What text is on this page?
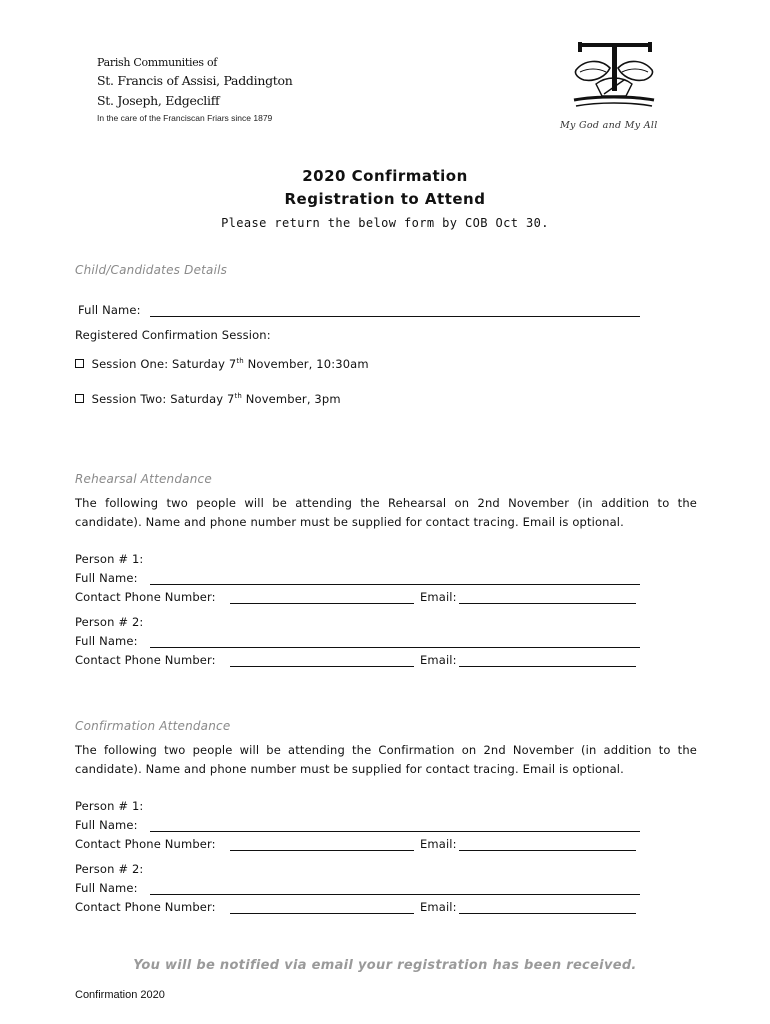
Parish Communities of
St. Francis of Assisi, Paddington
St. Joseph, Edgecliff
In the care of the Franciscan Friars since 1879
My God and My All
2020 Confirmation
Registration to Attend
Please return the below form by COB Oct 30.
Child/Candidates Details
Full Name:
Registered Confirmation Session:
Session One: Saturday 7th November, 10:30am
Session Two: Saturday 7th November, 3pm
Rehearsal Attendance
The following two people will be attending the Rehearsal on 2nd November (in addition to the candidate). Name and phone number must be supplied for contact tracing. Email is optional.
Person # 1:
Full Name:
Contact Phone Number:	Email:
Person # 2:
Full Name:
Contact Phone Number:	Email:
Confirmation Attendance
The following two people will be attending the Confirmation on 2nd November (in addition to the candidate). Name and phone number must be supplied for contact tracing. Email is optional.
Person # 1:
Full Name:
Contact Phone Number:	Email:
Person # 2:
Full Name:
Contact Phone Number:	Email:
You will be notified via email your registration has been received.
Confirmation 2020
